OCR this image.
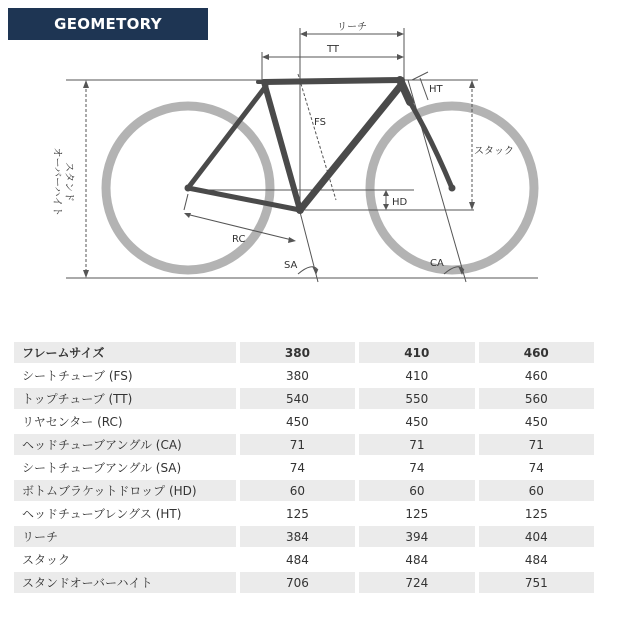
GEOMETORY
スタンド
オーバーハイト
リーチ
TT
FS
HT
スタック
HD
RC
SA	CA
フレームサイズ		380		410		460
シートチューブ (FS)		380		410		460
トップチューブ (TT)		540		550		560
リヤセンター (RC)		450		450		450
ヘッドチューブアングル (CA)		71		71		71
シートチューブアングル (SA)		74		74		74
ボトムブラケットドロップ (HD)		60		60		60
ヘッドチューブレングス (HT)		125		125		125
リーチ		384		394		404
スタック		484		484		484
スタンドオーバーハイト		706		724		751
